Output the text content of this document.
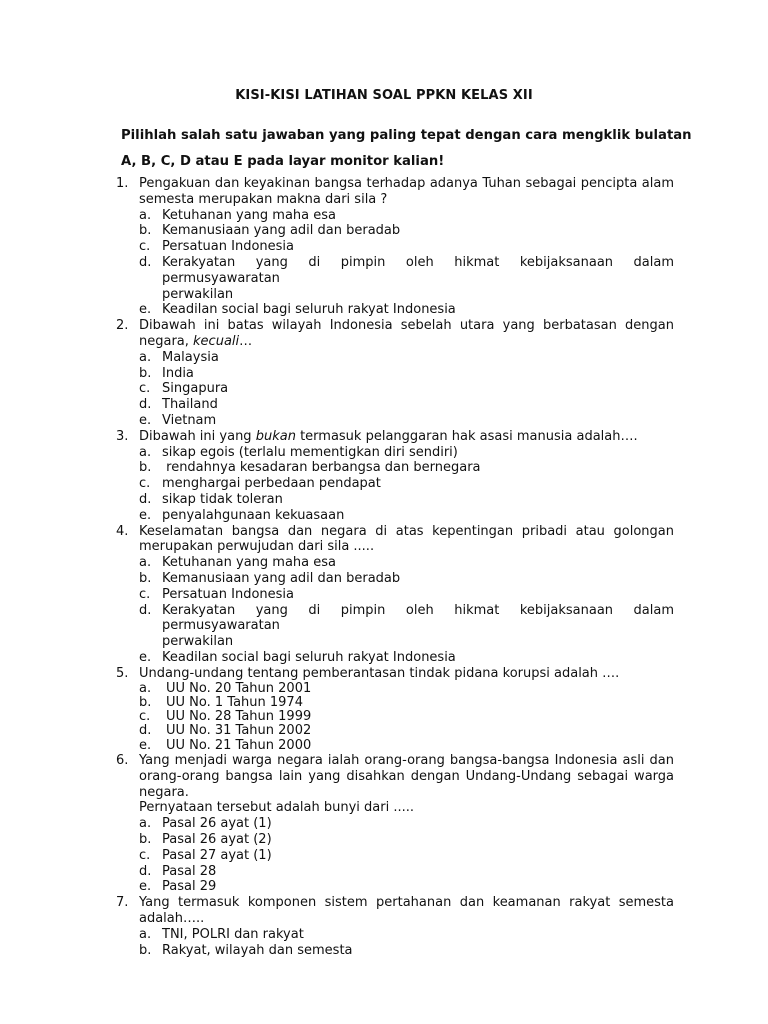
KISI-KISI LATIHAN SOAL PPKN KELAS XII
Pilihlah salah satu jawaban yang paling tepat dengan cara mengklik bulatan
A, B, C, D atau E pada layar monitor kalian!
1. Pengakuan dan keyakinan bangsa terhadap adanya Tuhan sebagai pencipta alam
semesta merupakan makna dari sila ?
a. Ketuhanan yang maha esa
b. Kemanusiaan yang adil dan beradab
c. Persatuan Indonesia
d. Kerakyatan yang di pimpin oleh hikmat kebijaksanaan dalam permusyawaratan
perwakilan
e. Keadilan social bagi seluruh rakyat Indonesia
2. Dibawah ini batas wilayah Indonesia sebelah utara yang berbatasan dengan
negara, kecuali…
a. Malaysia
b. India
c. Singapura
d. Thailand
e. Vietnam
3. Dibawah ini yang bukan termasuk pelanggaran hak asasi manusia adalah….
a. sikap egois (terlalu mementigkan diri sendiri)
b. rendahnya kesadaran berbangsa dan bernegara
c. menghargai perbedaan pendapat
d. sikap tidak toleran
e. penyalahgunaan kekuasaan
4. Keselamatan bangsa dan negara di atas kepentingan pribadi atau golongan
merupakan perwujudan dari sila .....
a. Ketuhanan yang maha esa
b. Kemanusiaan yang adil dan beradab
c. Persatuan Indonesia
d. Kerakyatan yang di pimpin oleh hikmat kebijaksanaan dalam permusyawaratan
perwakilan
e. Keadilan social bagi seluruh rakyat Indonesia
5. Undang-undang tentang pemberantasan tindak pidana korupsi adalah ….
a. UU No. 20 Tahun 2001
b. UU No. 1 Tahun 1974
c. UU No. 28 Tahun 1999
d. UU No. 31 Tahun 2002
e. UU No. 21 Tahun 2000
6. Yang menjadi warga negara ialah orang-orang bangsa-bangsa Indonesia asli dan
orang-orang bangsa lain yang disahkan dengan Undang-Undang sebagai warga
negara.
Pernyataan tersebut adalah bunyi dari .....
a. Pasal 26 ayat (1)
b. Pasal 26 ayat (2)
c. Pasal 27 ayat (1)
d. Pasal 28
e. Pasal 29
7. Yang termasuk komponen sistem pertahanan dan keamanan rakyat semesta
adalah…..
a. TNI, POLRI dan rakyat
b. Rakyat, wilayah dan semesta
